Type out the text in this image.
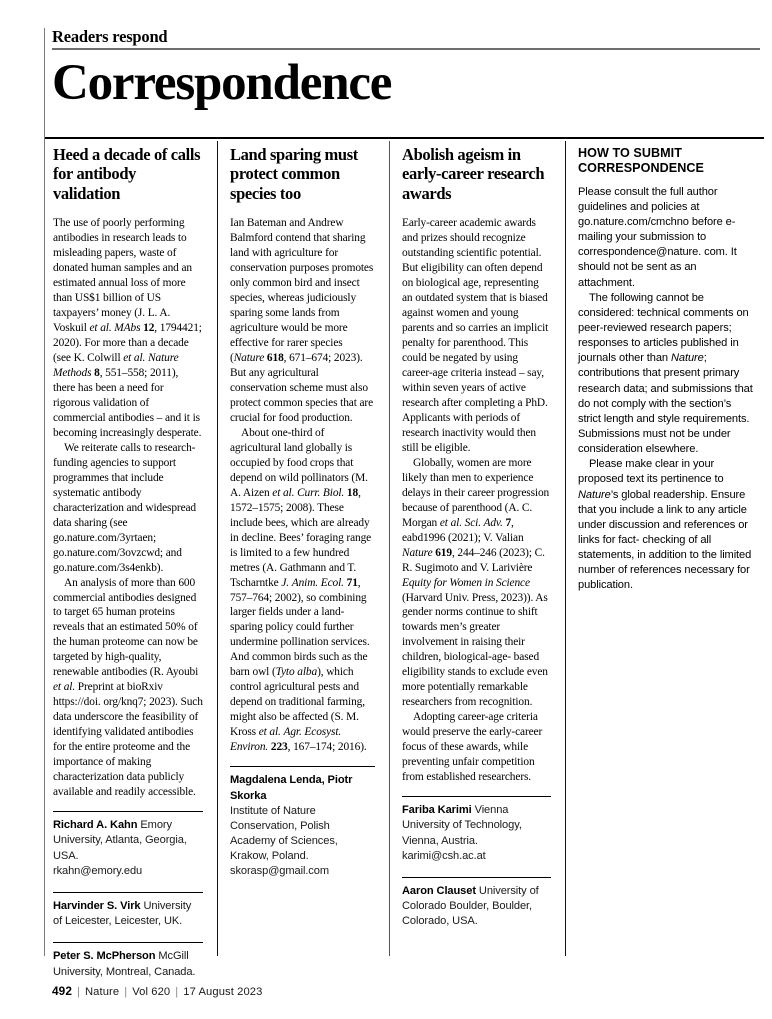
Readers respond
Correspondence
Heed a decade of calls for antibody validation

The use of poorly performing antibodies in research leads to misleading papers, waste of donated human samples and an estimated annual loss of more than US$1 billion of US taxpayers’ money (J. L. A. Voskuil et al. MAbs 12, 1794421; 2020). For more than a decade (see K. Colwill et al. Nature Methods 8, 551–558; 2011), there has been a need for rigorous validation of commercial antibodies – and it is becoming increasingly desperate.

We reiterate calls to research-funding agencies to support programmes that include systematic antibody characterization and widespread data sharing (see go.nature.com/3yrtaen; go.nature.com/3ovzcwd; and go.nature.com/3s4enkb).

An analysis of more than 600 commercial antibodies designed to target 65 human proteins reveals that an estimated 50% of the human proteome can now be targeted by high-quality, renewable antibodies (R. Ayoubi et al. Preprint at bioRxiv https://doi. org/knq7; 2023). Such data underscore the feasibility of identifying validated antibodies for the entire proteome and the importance of making characterization data publicly available and readily accessible.

Richard A. Kahn Emory University, Atlanta, Georgia, USA.
rkahn@emory.edu

Harvinder S. Virk University of Leicester, Leicester, UK.

Peter S. McPherson McGill University, Montreal, Canada.

Land sparing must protect common species too

Ian Bateman and Andrew Balmford contend that sharing land with agriculture for conservation purposes promotes only common bird and insect species, whereas judiciously sparing some lands from agriculture would be more effective for rarer species (Nature 618, 671–674; 2023). But any agricultural conservation scheme must also protect common species that are crucial for food production.

About one-third of agricultural land globally is occupied by food crops that depend on wild pollinators (M. A. Aizen et al. Curr. Biol. 18, 1572–1575; 2008). These include bees, which are already in decline. Bees’ foraging range is limited to a few hundred metres (A. Gathmann and T. Tscharntke J. Anim. Ecol. 71, 757–764; 2002), so combining larger fields under a land-sparing policy could further undermine pollination services. And common birds such as the barn owl (Tyto alba), which control agricultural pests and depend on traditional farming, might also be affected (S. M. Kross et al. Agr. Ecosyst. Environ. 223, 167–174; 2016).

Magdalena Lenda, Piotr Skorka
Institute of Nature Conservation, Polish Academy of Sciences, Krakow, Poland.
skorasp@gmail.com

Abolish ageism in early-career research awards

Early-career academic awards and prizes should recognize outstanding scientific potential. But eligibility can often depend on biological age, representing an outdated system that is biased against women and young parents and so carries an implicit penalty for parenthood. This could be negated by using career-age criteria instead – say, within seven years of active research after completing a PhD. Applicants with periods of research inactivity would then still be eligible.

Globally, women are more likely than men to experience delays in their career progression because of parenthood (A. C. Morgan et al. Sci. Adv. 7, eabd1996 (2021); V. Valian Nature 619, 244–246 (2023); C. R. Sugimoto and V. Larivière Equity for Women in Science (Harvard Univ. Press, 2023)). As gender norms continue to shift towards men’s greater involvement in raising their children, biological-age- based eligibility stands to exclude even more potentially remarkable researchers from recognition.

Adopting career-age criteria would preserve the early-career focus of these awards, while preventing unfair competition from established researchers.

Fariba Karimi Vienna University of Technology, Vienna, Austria.
karimi@csh.ac.at

Aaron Clauset University of Colorado Boulder, Boulder, Colorado, USA.

HOW TO SUBMIT CORRESPONDENCE

Please consult the full author guidelines and policies at go.nature.com/cmchno before e-mailing your submission to correspondence@nature. com. It should not be sent as an attachment.

The following cannot be considered: technical comments on peer-reviewed research papers; responses to articles published in journals other than Nature; contributions that present primary research data; and submissions that do not comply with the section’s strict length and style requirements. Submissions must not be under consideration elsewhere.

Please make clear in your proposed text its pertinence to Nature’s global readership. Ensure that you include a link to any article under discussion and references or links for fact- checking of all statements, in addition to the limited number of references necessary for publication.

492 | Nature | Vol 620 | 17 August 2023
